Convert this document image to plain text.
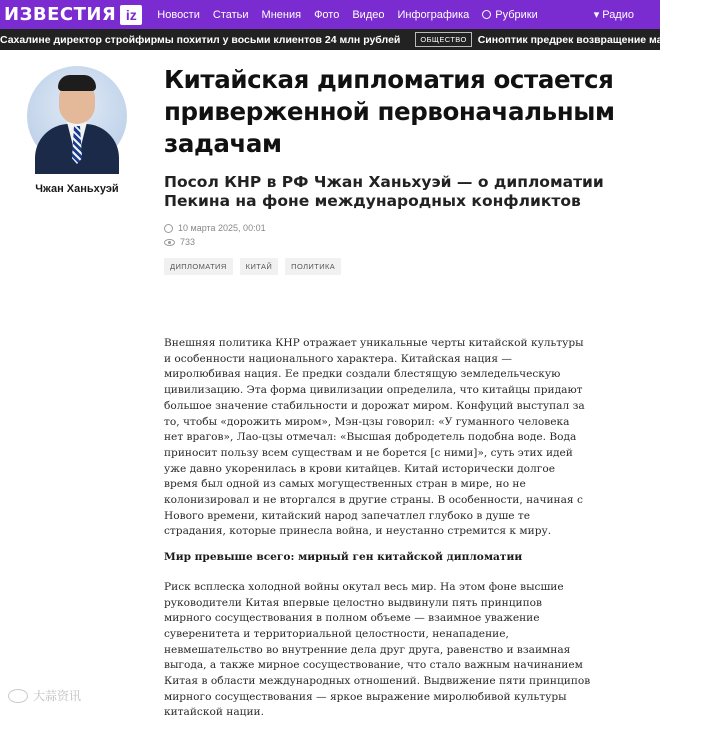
ИЗВЕСТИЯ iz	Новости Статьи Мнения Фото Видео Инфографика Рубрики	▾ Радио
Сахалине директор стройфирмы похитил у восьми клиентов 24 млн рублей	ОБЩЕСТВО	Синоптик предрек возвращение мартовских
Чжан Ханьхуэй
Китайская дипломатия остается приверженной первоначальным задачам
Посол КНР в РФ Чжан Ханьхуэй — о дипломатии Пекина на фоне международных конфликтов
10 марта 2025, 00:01
733
ДИПЛОМАТИЯ	КИТАЙ	ПОЛИТИКА

Внешняя политика КНР отражает уникальные черты китайской культуры и особенности национального характера. Китайская нация — миролюбивая нация. Ее предки создали блестящую земледельческую цивилизацию. Эта форма цивилизации определила, что китайцы придают большое значение стабильности и дорожат миром. Конфуций выступал за то, чтобы «дорожить миром», Мэн-цзы говорил: «У гуманного человека нет врагов», Лао-цзы отмечал: «Высшая добродетель подобна воде. Вода приносит пользу всем существам и не борется [с ними]», суть этих идей уже давно укоренилась в крови китайцев. Китай исторически долгое время был одной из самых могущественных стран в мире, но не колонизировал и не вторгался в другие страны. В особенности, начиная с Нового времени, китайский народ запечатлел глубоко в душе те страдания, которые принесла война, и неустанно стремится к миру.

Мир превыше всего: мирный ген китайской дипломатии

Риск всплеска холодной войны окутал весь мир. На этом фоне высшие руководители Китая впервые целостно выдвинули пять принципов мирного сосуществования в полном объеме — взаимное уважение суверенитета и территориальной целостности, ненападение, невмешательство во внутренние дела друг друга, равенство и взаимная выгода, а также мирное сосуществование, что стало важным начинанием Китая в области международных отношений. Выдвижение пяти принципов мирного сосуществования — яркое выражение миролюбивой культуры китайской нации.

大蒜资讯
